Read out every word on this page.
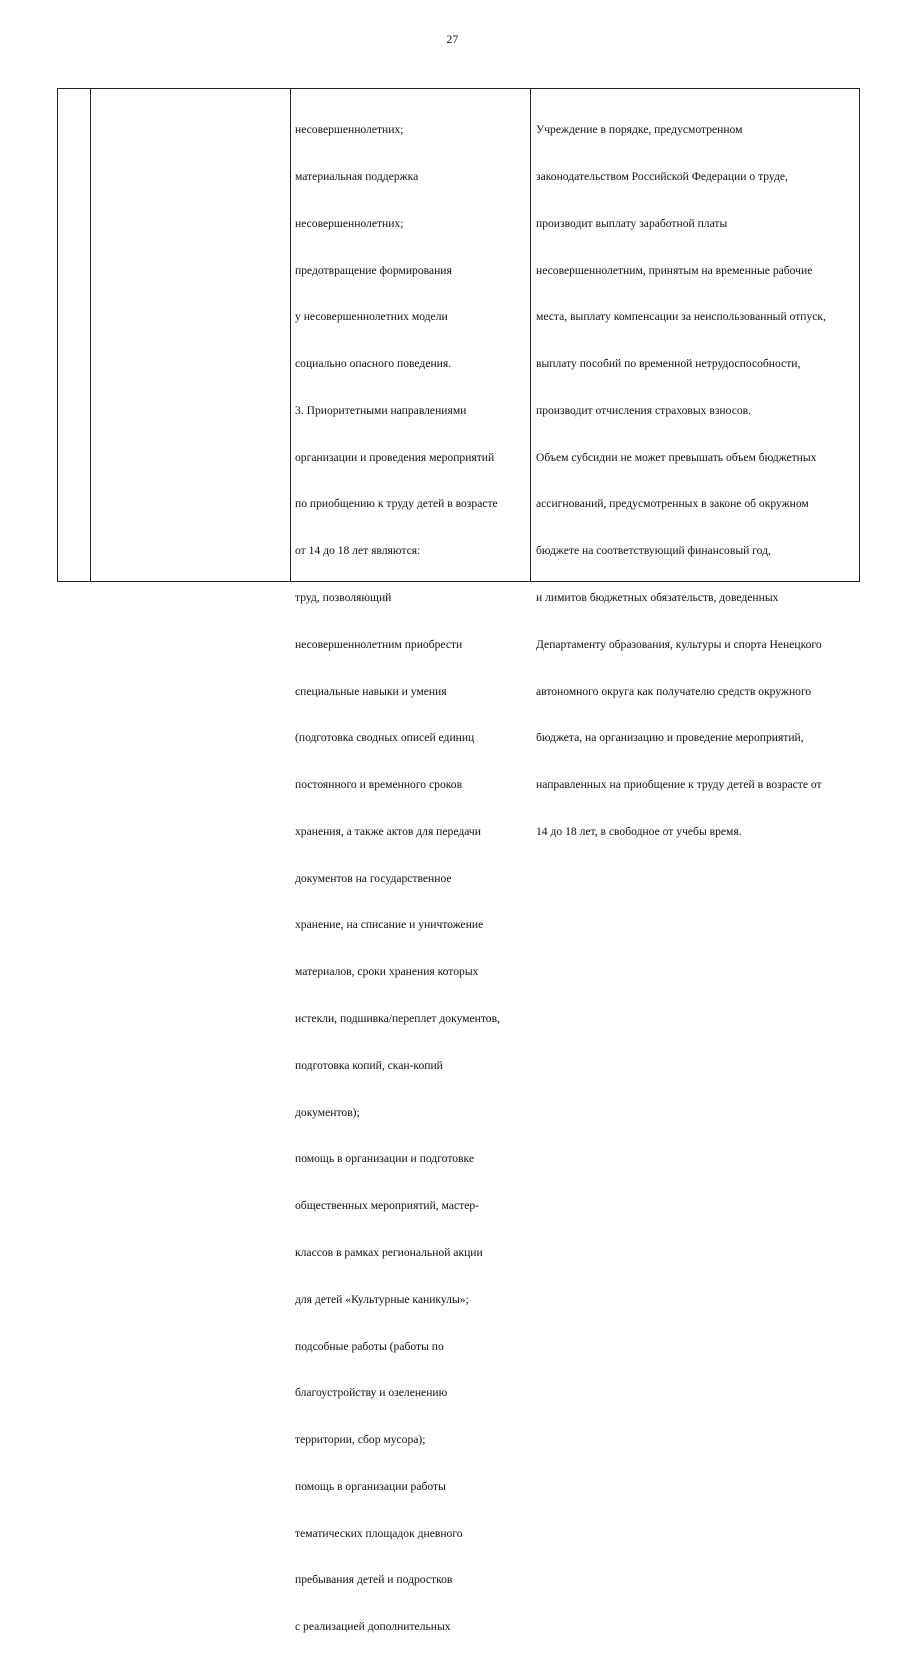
27

несовершеннолетних;

материальная поддержка

несовершеннолетних;

предотвращение формирования

у несовершеннолетних модели

социально опасного поведения.

3. Приоритетными направлениями

организации и проведения мероприятий

по приобщению к труду детей в возрасте

от 14 до 18 лет являются:

труд, позволяющий

несовершеннолетним приобрести

специальные навыки и умения

(подготовка сводных описей единиц

постоянного и временного сроков

хранения, а также актов для передачи

документов на государственное

хранение, на списание и уничтожение

материалов, сроки хранения которых

истекли, подшивка/переплет документов,

подготовка копий, скан-копий

документов);

помощь в организации и подготовке

общественных мероприятий, мастер-

классов в рамках региональной акции

для детей «Культурные каникулы»;

подсобные работы (работы по

благоустройству и озеленению

территории, сбор мусора);

помощь в организации работы

тематических площадок дневного

пребывания детей и подростков

с реализацией дополнительных

Учреждение в порядке, предусмотренном

законодательством Российской Федерации о труде,

производит выплату заработной платы

несовершеннолетним, принятым на временные рабочие

места, выплату компенсации за неиспользованный отпуск,

выплату пособий по временной нетрудоспособности,

производит отчисления страховых взносов.

Объем субсидии не может превышать объем бюджетных

ассигнований, предусмотренных в законе об окружном

бюджете на соответствующий финансовый год,

и лимитов бюджетных обязательств, доведенных

Департаменту образования, культуры и спорта Ненецкого

автономного округа как получателю средств окружного

бюджета, на организацию и проведение мероприятий,

направленных на приобщение к труду детей в возрасте от

14 до 18 лет, в свободное от учебы время.
